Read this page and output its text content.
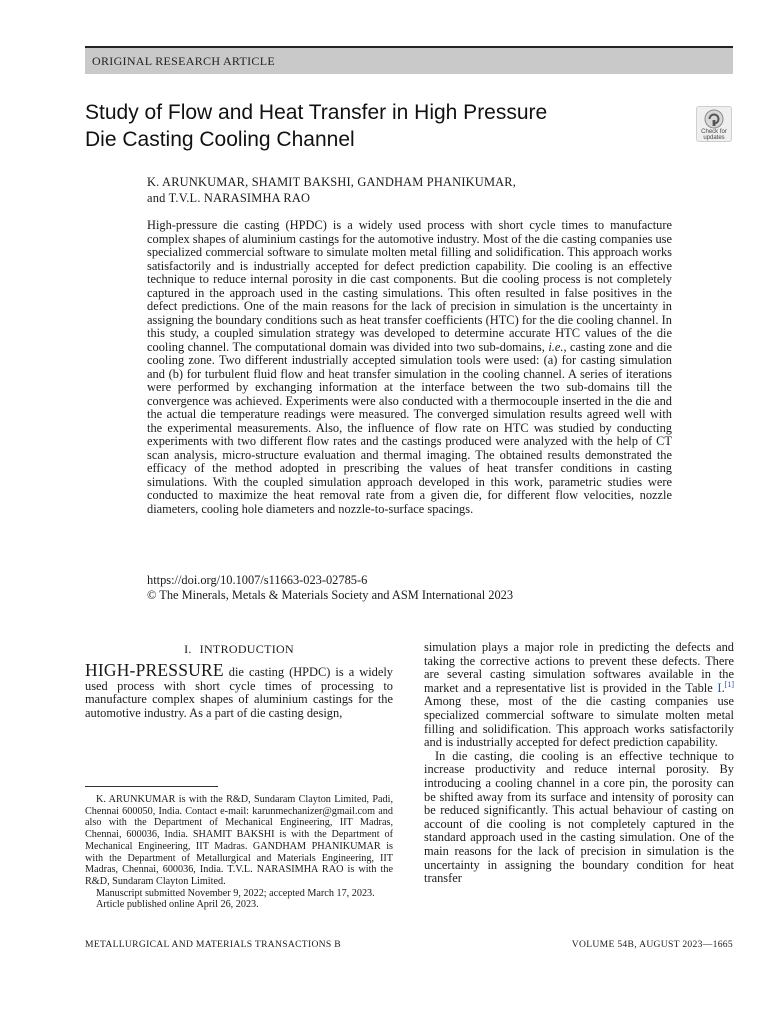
ORIGINAL RESEARCH ARTICLE
Study of Flow and Heat Transfer in High Pressure
Die Casting Cooling Channel	Check for
updates
K. ARUNKUMAR, SHAMIT BAKSHI, GANDHAM PHANIKUMAR,
and T.V.L. NARASIMHA RAO

High-pressure die casting (HPDC) is a widely used process with short cycle times to manufacture complex shapes of aluminium castings for the automotive industry. Most of the die casting companies use specialized commercial software to simulate molten metal filling and solidification. This approach works satisfactorily and is industrially accepted for defect prediction capability. Die cooling is an effective technique to reduce internal porosity in die cast components. But die cooling process is not completely captured in the approach used in the casting simulations. This often resulted in false positives in the defect predictions. One of the main reasons for the lack of precision in simulation is the uncertainty in assigning the boundary conditions such as heat transfer coefficients (HTC) for the die cooling channel. In this study, a coupled simulation strategy was developed to determine accurate HTC values of the die cooling channel. The computational domain was divided into two sub-domains, i.e., casting zone and die cooling zone. Two different industrially accepted simulation tools were used: (a) for casting simulation and (b) for turbulent fluid flow and heat transfer simulation in the cooling channel. A series of iterations were performed by exchanging information at the interface between the two sub-domains till the convergence was achieved. Experiments were also conducted with a thermocouple inserted in the die and the actual die temperature readings were measured. The converged simulation results agreed well with the experimental measurements. Also, the influence of flow rate on HTC was studied by conducting experiments with two different flow rates and the castings produced were analyzed with the help of CT scan analysis, micro-structure evaluation and thermal imaging. The obtained results demonstrated the efficacy of the method adopted in prescribing the values of heat transfer conditions in casting simulations. With the coupled simulation approach developed in this work, parametric studies were conducted to maximize the heat removal rate from a given die, for different flow velocities, nozzle diameters, cooling hole diameters and nozzle-to-surface spacings.

https://doi.org/10.1007/s11663-023-02785-6
© The Minerals, Metals & Materials Society and ASM International 2023
I. INTRODUCTION

HIGH-PRESSURE die casting (HPDC) is a widely used process with short cycle times of processing to manufacture complex shapes of aluminium castings for the automotive industry. As a part of die casting design,

simulation plays a major role in predicting the defects and taking the corrective actions to prevent these defects. There are several casting simulation softwares available in the market and a representative list is provided in the Table I.[1] Among these, most of the die casting companies use specialized commercial software to simulate molten metal filling and solidification. This approach works satisfactorily and is industrially accepted for defect prediction capability.

In die casting, die cooling is an effective technique to increase productivity and reduce internal porosity. By introducing a cooling channel in a core pin, the porosity can be shifted away from its surface and intensity of porosity can be reduced significantly. This actual behaviour of casting on account of die cooling is not completely captured in the standard approach used in the casting simulation. One of the main reasons for the lack of precision in simulation is the uncertainty in assigning the boundary condition for heat transfer

K. ARUNKUMAR is with the R&D, Sundaram Clayton Limited, Padi, Chennai 600050, India. Contact e-mail: karunmechanizer@gmail.com and also with the Department of Mechanical Engineering, IIT Madras, Chennai, 600036, India. SHAMIT BAKSHI is with the Department of Mechanical Engineering, IIT Madras. GANDHAM PHANIKUMAR is with the Department of Metallurgical and Materials Engineering, IIT Madras, Chennai, 600036, India. T.V.L. NARASIMHA RAO is with the R&D, Sundaram Clayton Limited.

Manuscript submitted November 9, 2022; accepted March 17, 2023.

Article published online April 26, 2023.

METALLURGICAL AND MATERIALS TRANSACTIONS B	VOLUME 54B, AUGUST 2023—1665
